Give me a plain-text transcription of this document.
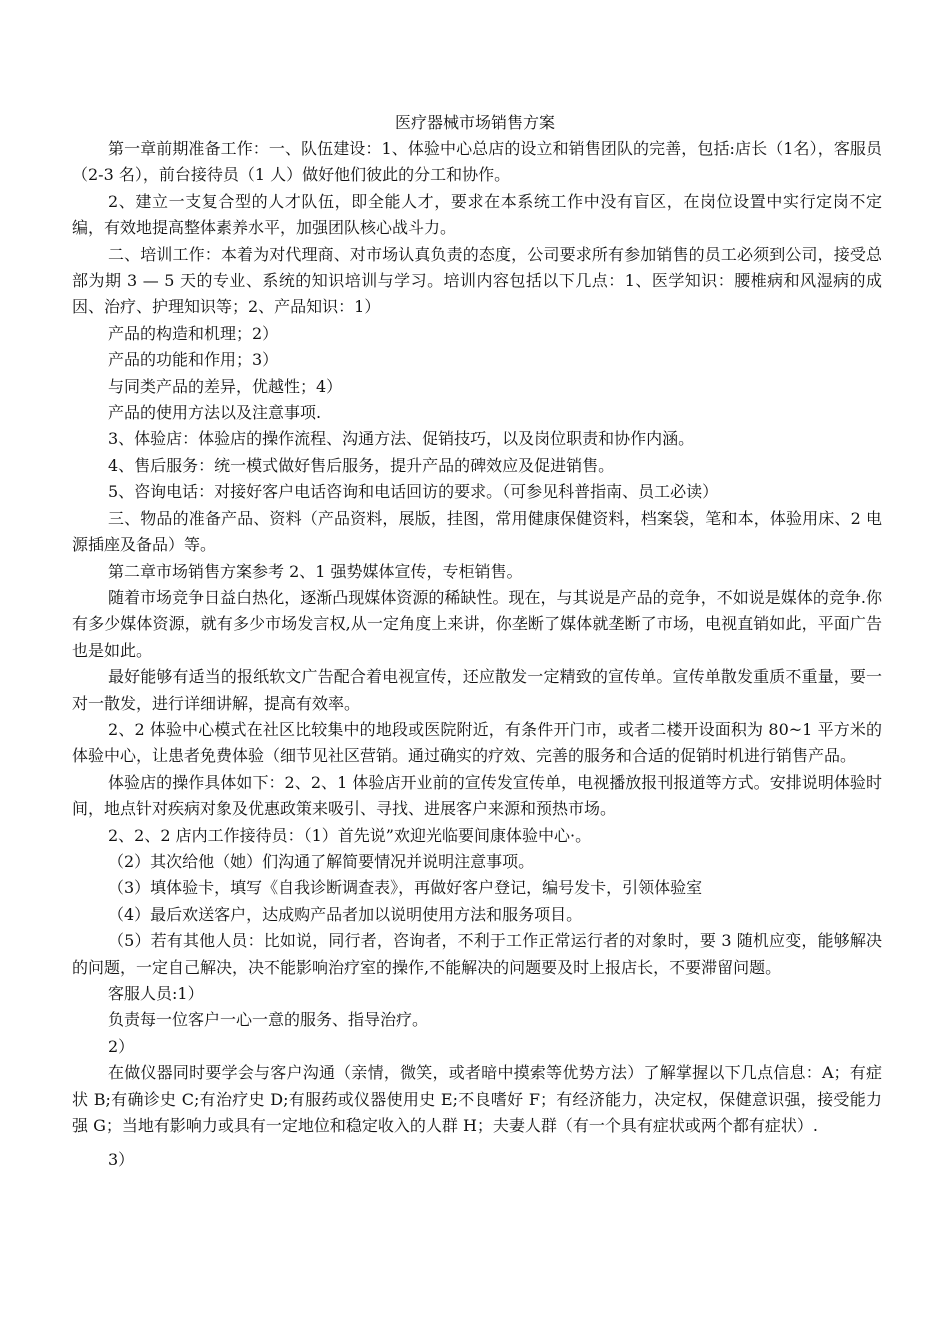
医疗器械市场销售方案

第一章前期准备工作：一、队伍建设：1、体验中心总店的设立和销售团队的完善，包括:店长（1名），客服员（2-3 名），前台接待员（1 人）做好他们彼此的分工和协作。

2、建立一支复合型的人才队伍，即全能人才，要求在本系统工作中没有盲区，在岗位设置中实行定岗不定编，有效地提高整体素养水平，加强团队核心战斗力。

二、培训工作：本着为对代理商、对市场认真负责的态度，公司要求所有参加销售的员工必须到公司，接受总部为期 3 — 5 天的专业、系统的知识培训与学习。培训内容包括以下几点：1、医学知识：腰椎病和风湿病的成因、治疗、护理知识等；2、产品知识：1）

产品的构造和机理；2）

产品的功能和作用；3）

与同类产品的差异，优越性；4）

产品的使用方法以及注意事项.

3、体验店：体验店的操作流程、沟通方法、促销技巧，以及岗位职责和协作内涵。

4、售后服务：统一模式做好售后服务，提升产品的碑效应及促进销售。

5、咨询电话：对接好客户电话咨询和电话回访的要求。（可参见科普指南、员工必读）

三、物品的准备产品、资料（产品资料，展版，挂图，常用健康保健资料，档案袋，笔和本，体验用床、2 电源插座及备品）等。

第二章市场销售方案参考 2、1 强势媒体宣传，专柜销售。

随着市场竞争日益白热化，逐渐凸现媒体资源的稀缺性。现在，与其说是产品的竞争，不如说是媒体的竞争.你有多少媒体资源，就有多少市场发言权,从一定角度上来讲，你垄断了媒体就垄断了市场，电视直销如此，平面广告也是如此。

最好能够有适当的报纸软文广告配合着电视宣传，还应散发一定精致的宣传单。宣传单散发重质不重量，要一对一散发，进行详细讲解，提高有效率。

2、2 体验中心模式在社区比较集中的地段或医院附近，有条件开门市，或者二楼开设面积为 80~1 平方米的体验中心，让患者免费体验（细节见社区营销。通过确实的疗效、完善的服务和合适的促销时机进行销售产品。

体验店的操作具体如下：2、2、1 体验店开业前的宣传发宣传单，电视播放报刊报道等方式。安排说明体验时间，地点针对疾病对象及优惠政策来吸引、寻找、进展客户来源和预热市场。

2、2、2 店内工作接待员：（1）首先说”欢迎光临要间康体验中心·。

（2）其次给他（她）们沟通了解简要情况并说明注意事项。

（3）填体验卡，填写《自我诊断调查表》，再做好客户登记，编号发卡，引领体验室

（4）最后欢送客户，达成购产品者加以说明使用方法和服务项目。

（5）若有其他人员：比如说，同行者，咨询者，不利于工作正常运行者的对象时，要 3 随机应变，能够解决的问题，一定自己解决，决不能影响治疗室的操作,不能解决的问题要及时上报店长，不要滞留问题。

客服人员:1）

负责每一位客户一心一意的服务、指导治疗。

2）

在做仪器同时要学会与客户沟通（亲情，微笑，或者暗中摸索等优势方法）了解掌握以下几点信息：A；有症状 B;有确诊史 C;有治疗史 D;有服药或仪器使用史 E;不良嗜好 F；有经济能力，决定权，保健意识强，接受能力强 G；当地有影响力或具有一定地位和稳定收入的人群 H；夫妻人群（有一个具有症状或两个都有症状）.

3）
